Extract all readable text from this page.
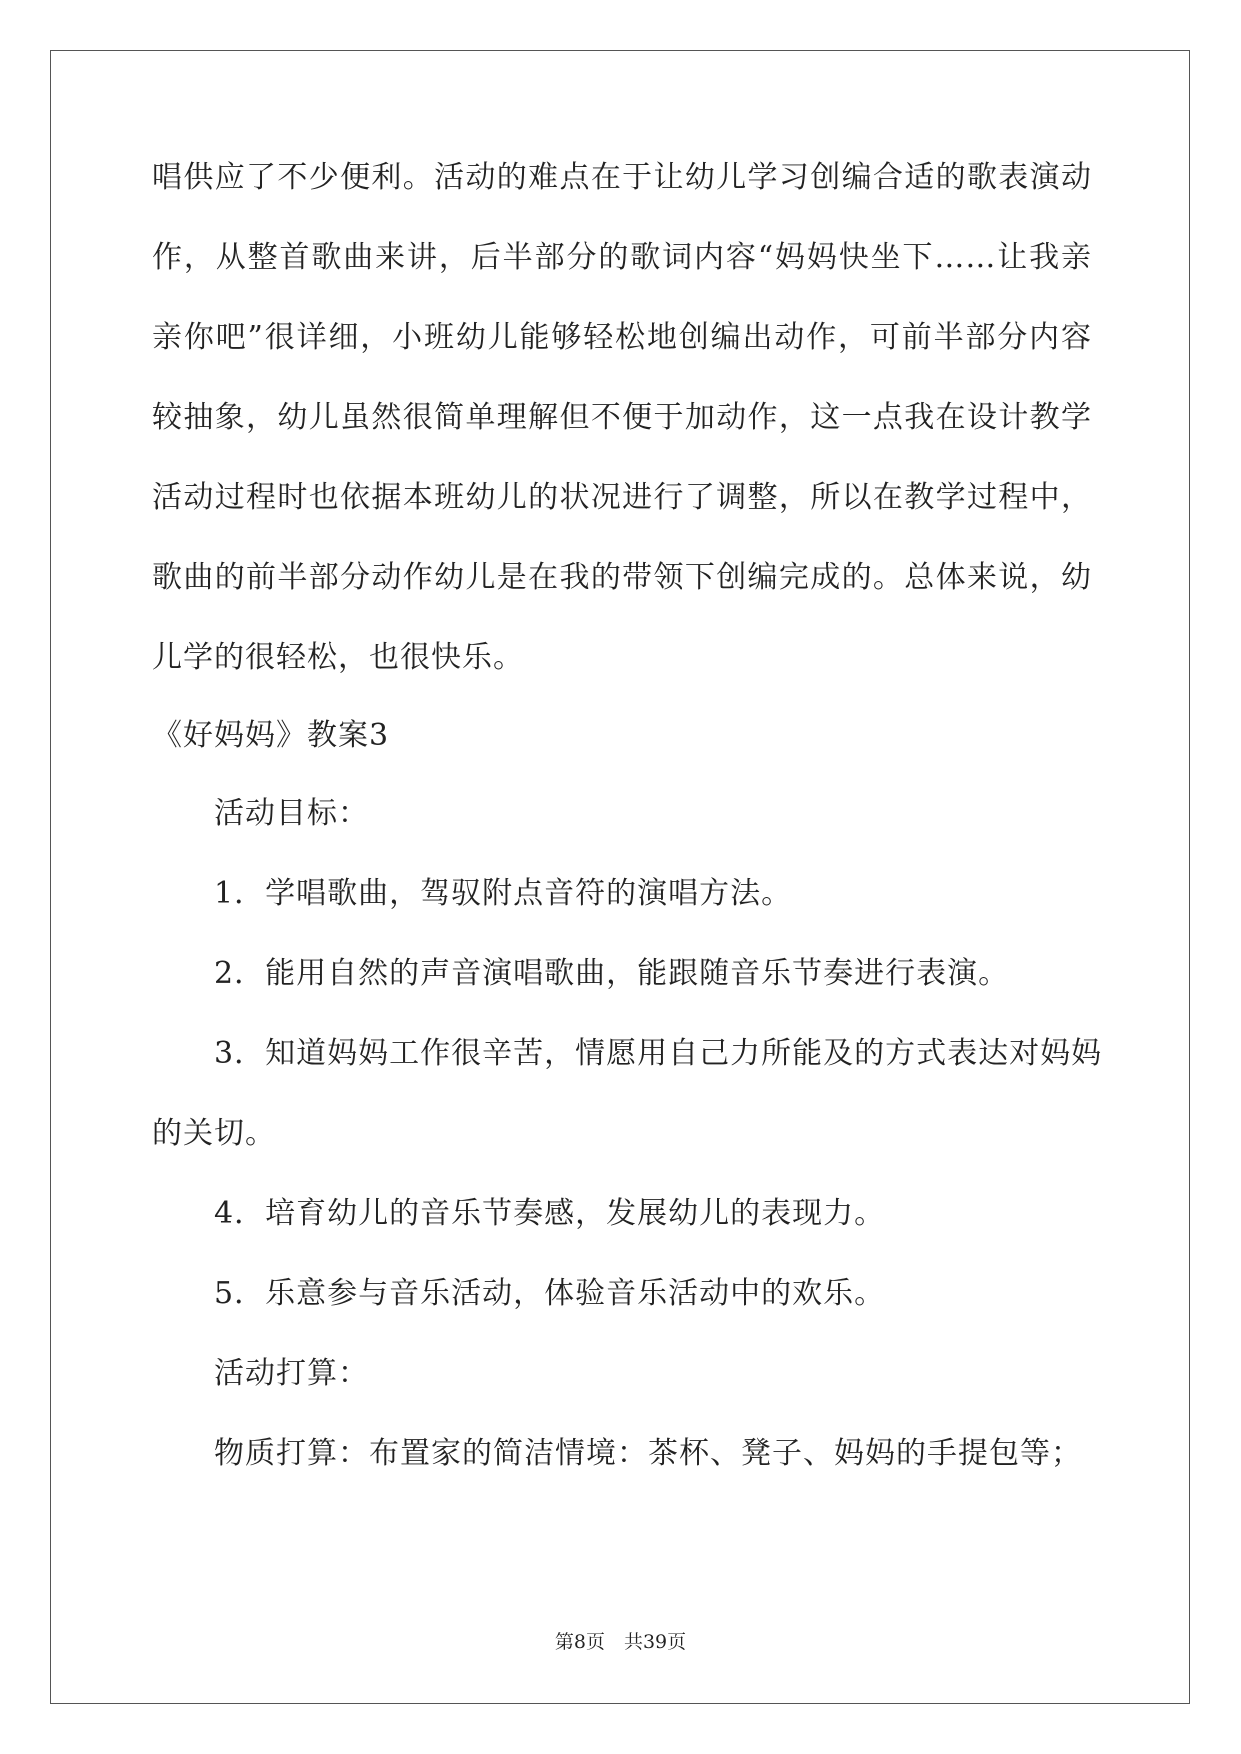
唱供应了不少便利。活动的难点在于让幼儿学习创编合适的歌表演动
作，从整首歌曲来讲，后半部分的歌词内容“妈妈快坐下……让我亲
亲你吧”很详细，小班幼儿能够轻松地创编出动作，可前半部分内容
较抽象，幼儿虽然很简单理解但不便于加动作，这一点我在设计教学
活动过程时也依据本班幼儿的状况进行了调整，所以在教学过程中，
歌曲的前半部分动作幼儿是在我的带领下创编完成的。总体来说，幼
儿学的很轻松，也很快乐。
《好妈妈》教案3
活动目标：
1．学唱歌曲，驾驭附点音符的演唱方法。
2．能用自然的声音演唱歌曲，能跟随音乐节奏进行表演。
3．知道妈妈工作很辛苦，情愿用自己力所能及的方式表达对妈妈
的关切。
4．培育幼儿的音乐节奏感，发展幼儿的表现力。
5．乐意参与音乐活动，体验音乐活动中的欢乐。
活动打算：
物质打算：布置家的简洁情境：茶杯、凳子、妈妈的手提包等；
第8页　共39页
